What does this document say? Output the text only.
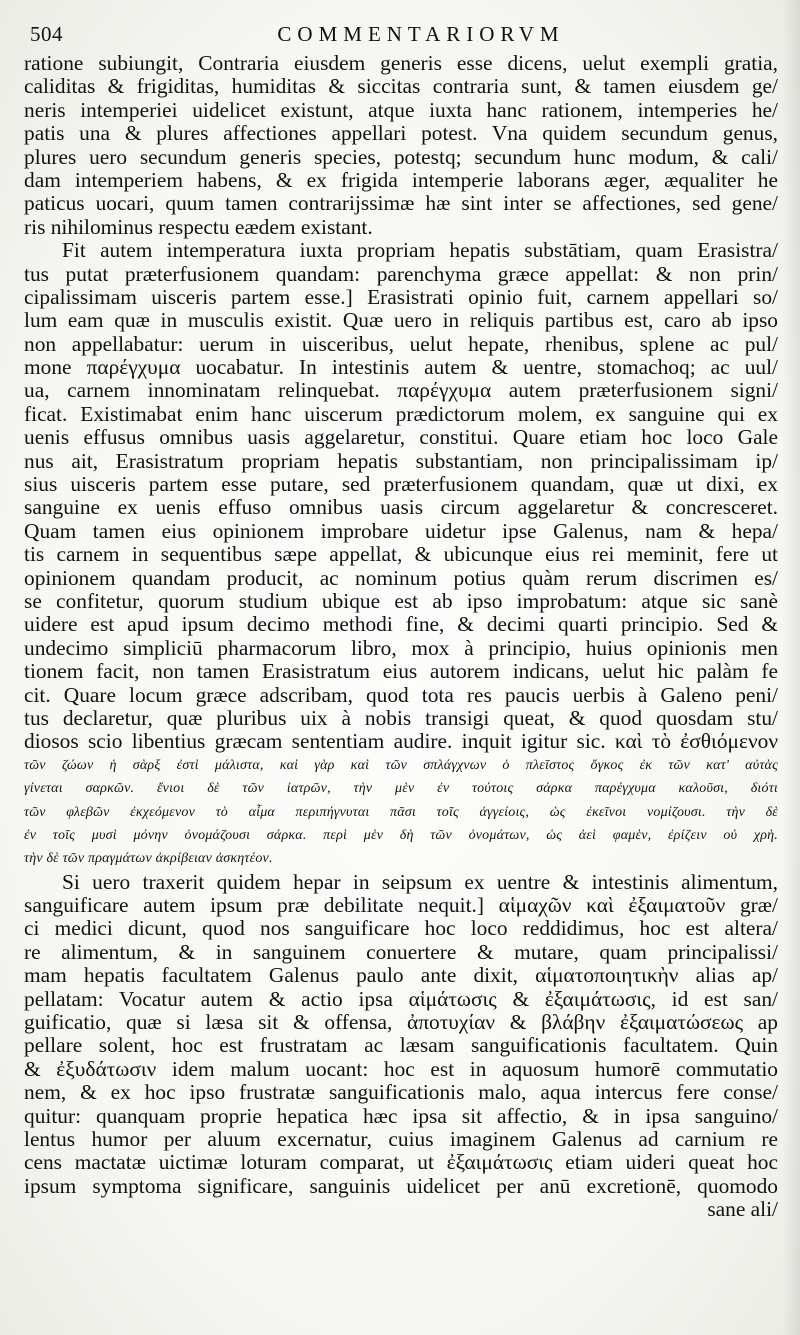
504	COMMENTARIORVM
ratione subiungit, Contraria eiusdem generis esse dicens, uelut exempli gratia,
caliditas & frigiditas, humiditas & siccitas contraria sunt, & tamen eiusdem ge/
neris intemperiei uidelicet existunt, atque iuxta hanc rationem, intemperies he/
patis una & plures affectiones appellari potest. Vna quidem secundum genus,
plures uero secundum generis species, potestq; secundum hunc modum, & cali/
dam intemperiem habens, & ex frigida intemperie laborans æger, æqualiter he
paticus uocari, quum tamen contrarijssimæ hæ sint inter se affectiones, sed gene/
ris nihilominus respectu eædem existant.
Fit autem intemperatura iuxta propriam hepatis substātiam, quam Erasistra/
tus putat præterfusionem quandam: parenchyma græce appellat: & non prin/
cipalissimam uisceris partem esse.] Erasistrati opinio fuit, carnem appellari so/
lum eam quæ in musculis existit. Quæ uero in reliquis partibus est, caro ab ipso
non appellabatur: uerum in uisceribus, uelut hepate, rhenibus, splene ac pul/
mone παρέγχυμα uocabatur. In intestinis autem & uentre, stomachoq; ac uul/
ua, carnem innominatam relinquebat. παρέγχυμα autem præterfusionem signi/
ficat. Existimabat enim hanc uiscerum prædictorum molem, ex sanguine qui ex
uenis effusus omnibus uasis aggelaretur, constitui. Quare etiam hoc loco Gale
nus ait, Erasistratum propriam hepatis substantiam, non principalissimam ip/
sius uisceris partem esse putare, sed præterfusionem quandam, quæ ut dixi, ex
sanguine ex uenis effuso omnibus uasis circum aggelaretur & concresceret.
Quam tamen eius opinionem improbare uidetur ipse Galenus, nam & hepa/
tis carnem in sequentibus sæpe appellat, & ubicunque eius rei meminit, fere ut
opinionem quandam producit, ac nominum potius quàm rerum discrimen es/
se confitetur, quorum studium ubique est ab ipso improbatum: atque sic sanè
uidere est apud ipsum decimo methodi fine, & decimi quarti principio. Sed &
undecimo simpliciū pharmacorum libro, mox à principio, huius opinionis men
tionem facit, non tamen Erasistratum eius autorem indicans, uelut hic palàm fe
cit. Quare locum græce adscribam, quod tota res paucis uerbis à Galeno peni/
tus declaretur, quæ pluribus uix à nobis transigi queat, & quod quosdam stu/
diosos scio libentius græcam sententiam audire. inquit igitur sic. καὶ τὸ ἐσθιόμενον
τῶν ζώων ἡ σὰρξ ἐστὶ μάλιστα, καὶ γὰρ καὶ τῶν σπλάγχνων ὁ πλεῖστος ὄγκος ἐκ τῶν κατ' αὐτὰς
γίνεται σαρκῶν. ἔνιοι δὲ τῶν ἰατρῶν, τὴν μὲν ἐν τούτοις σάρκα παρέγχυμα καλοῦσι, διότι
τῶν φλεβῶν ἐκχεόμενον τὸ αἷμα περιπήγνυται πᾶσι τοῖς ἀγγείοις, ὡς ἐκεῖνοι νομίζουσι. τὴν δὲ
ἐν τοῖς μυσὶ μόνην ὀνομάζουσι σάρκα. περὶ μὲν δὴ τῶν ὀνομάτων, ὡς ἀεὶ φαμὲν, ἐρίζειν οὐ χρὴ.
τὴν δὲ τῶν πραγμάτων ἀκρίβειαν ἀσκητέον.
Si uero traxerit quidem hepar in seipsum ex uentre & intestinis alimentum,
sanguificare autem ipsum præ debilitate nequit.] αἱμαχῶν καὶ ἐξαιματοῦν græ/
ci medici dicunt, quod nos sanguificare hoc loco reddidimus, hoc est altera/
re alimentum, & in sanguinem conuertere & mutare, quam principalissi/
mam hepatis facultatem Galenus paulo ante dixit, αἱματοποιητικὴν alias ap/
pellatam: Vocatur autem & actio ipsa αἱμάτωσις & ἐξαιμάτωσις, id est san/
guificatio, quæ si læsa sit & offensa, ἀποτυχίαν & βλάβην ἐξαιματώσεως ap
pellare solent, hoc est frustratam ac læsam sanguificationis facultatem. Quin
& ἐξυδάτωσιν idem malum uocant: hoc est in aquosum humorē commutatio
nem, & ex hoc ipso frustratæ sanguificationis malo, aqua intercus fere conse/
quitur: quanquam proprie hepatica hæc ipsa sit affectio, & in ipsa sanguino/
lentus humor per aluum excernatur, cuius imaginem Galenus ad carnium re
cens mactatæ uictimæ loturam comparat, ut ἐξαιμάτωσις etiam uideri queat hoc
ipsum symptoma significare, sanguinis uidelicet per anū excretionē, quomodo
sane ali/
